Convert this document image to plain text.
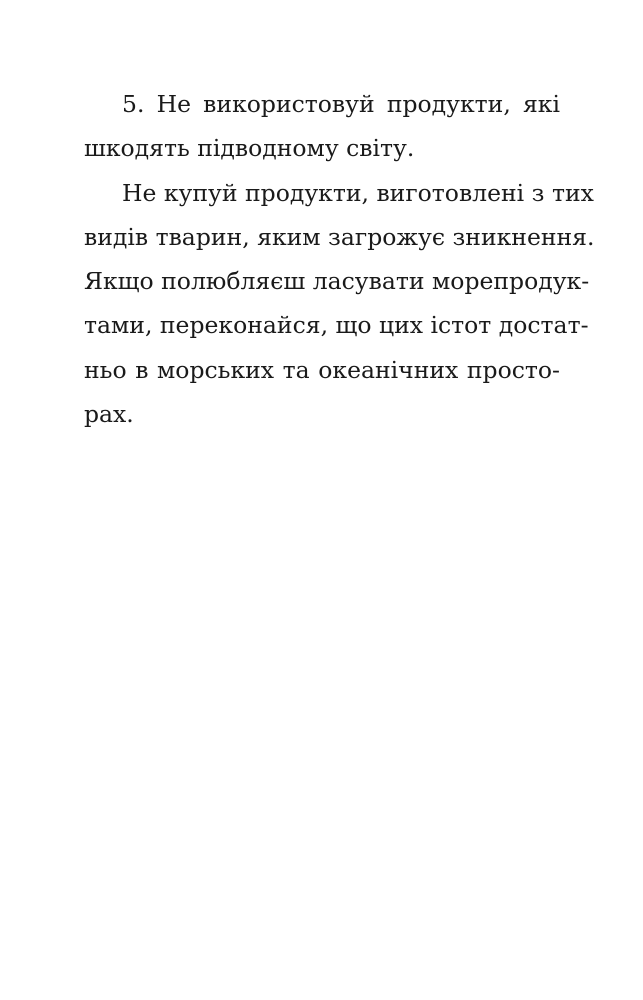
5. Не використовуй продукти, які
шкодять підводному світу.
Не купуй продукти, виготовлені з тих
видів тварин, яким загрожує зникнення.
Якщо полюбляєш ласувати морепродук-
тами, переконайся, що цих істот достат-
ньо в морських та океанічних просто-
рах.
